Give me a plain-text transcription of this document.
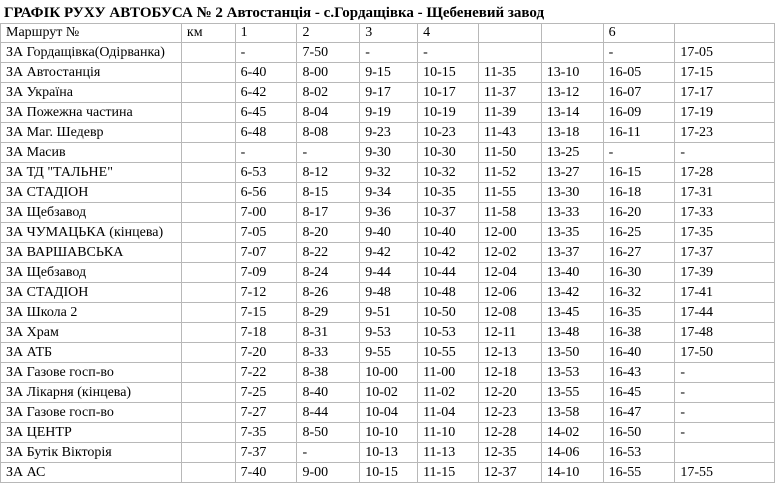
ГРАФІК РУХУ АВТОБУСА № 2 Автостанція - с.Гордащівка - Щебеневий завод
Маршрут №	км	1	2	3	4			6	
ЗА Гордащівка(Одірванка)		-	7-50	-	-			-	17-05
ЗА Автостанція		6-40	8-00	9-15	10-15	11-35	13-10	16-05	17-15
ЗА Україна		6-42	8-02	9-17	10-17	11-37	13-12	16-07	17-17
ЗА Пожежна частина		6-45	8-04	9-19	10-19	11-39	13-14	16-09	17-19
ЗА Маг. Шедевр		6-48	8-08	9-23	10-23	11-43	13-18	16-11	17-23
ЗА Масив		-	-	9-30	10-30	11-50	13-25	-	-
ЗА ТД "ТАЛЬНЕ"		6-53	8-12	9-32	10-32	11-52	13-27	16-15	17-28
ЗА СТАДІОН		6-56	8-15	9-34	10-35	11-55	13-30	16-18	17-31
ЗА Щебзавод		7-00	8-17	9-36	10-37	11-58	13-33	16-20	17-33
ЗА ЧУМАЦЬКА (кінцева)		7-05	8-20	9-40	10-40	12-00	13-35	16-25	17-35
ЗА ВАРШАВСЬКА		7-07	8-22	9-42	10-42	12-02	13-37	16-27	17-37
ЗА Щебзавод		7-09	8-24	9-44	10-44	12-04	13-40	16-30	17-39
ЗА СТАДІОН		7-12	8-26	9-48	10-48	12-06	13-42	16-32	17-41
ЗА Школа 2		7-15	8-29	9-51	10-50	12-08	13-45	16-35	17-44
ЗА Храм		7-18	8-31	9-53	10-53	12-11	13-48	16-38	17-48
ЗА АТБ		7-20	8-33	9-55	10-55	12-13	13-50	16-40	17-50
ЗА Газове госп-во		7-22	8-38	10-00	11-00	12-18	13-53	16-43	-
ЗА Лікарня (кінцева)		7-25	8-40	10-02	11-02	12-20	13-55	16-45	-
ЗА Газове госп-во		7-27	8-44	10-04	11-04	12-23	13-58	16-47	-
ЗА ЦЕНТР		7-35	8-50	10-10	11-10	12-28	14-02	16-50	-
ЗА Бутік Вікторія		7-37	-	10-13	11-13	12-35	14-06	16-53	
ЗА АС		7-40	9-00	10-15	11-15	12-37	14-10	16-55	17-55
